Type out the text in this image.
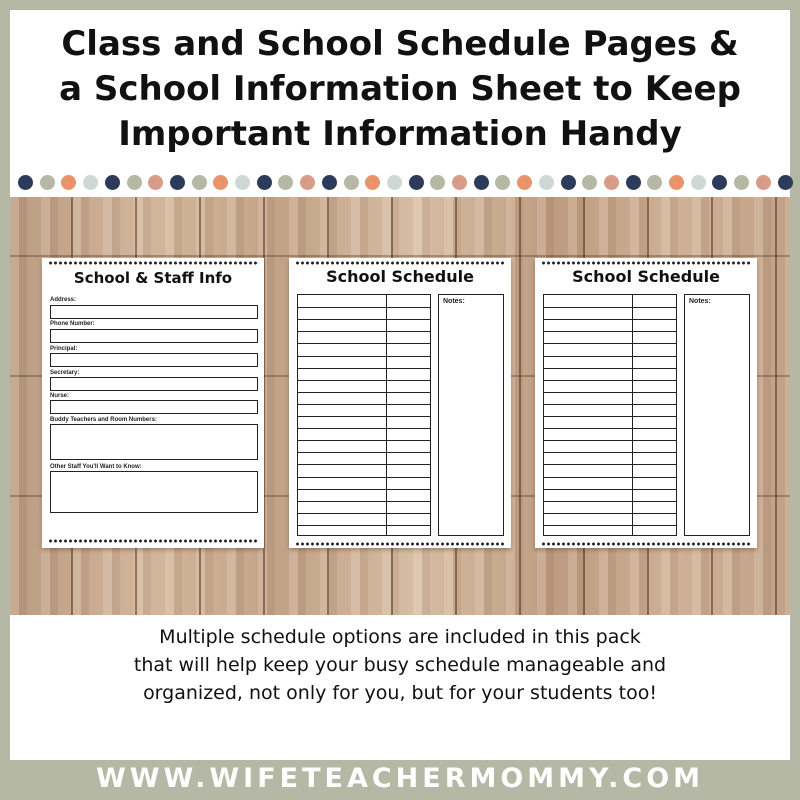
Class and School Schedule Pages &
a School Information Sheet to Keep
Important Information Handy
School & Staff Info
Address:
Phone Number:
Principal:
Secretary:
Nurse:
Buddy Teachers and Room Numbers:
Other Staff You'll Want to Know:
School Schedule
Notes:
School Schedule
Notes:
Multiple schedule options are included in this pack
that will help keep your busy schedule manageable and
organized, not only for you, but for your students too!
WWW.WIFETEACHERMOMMY.COM
